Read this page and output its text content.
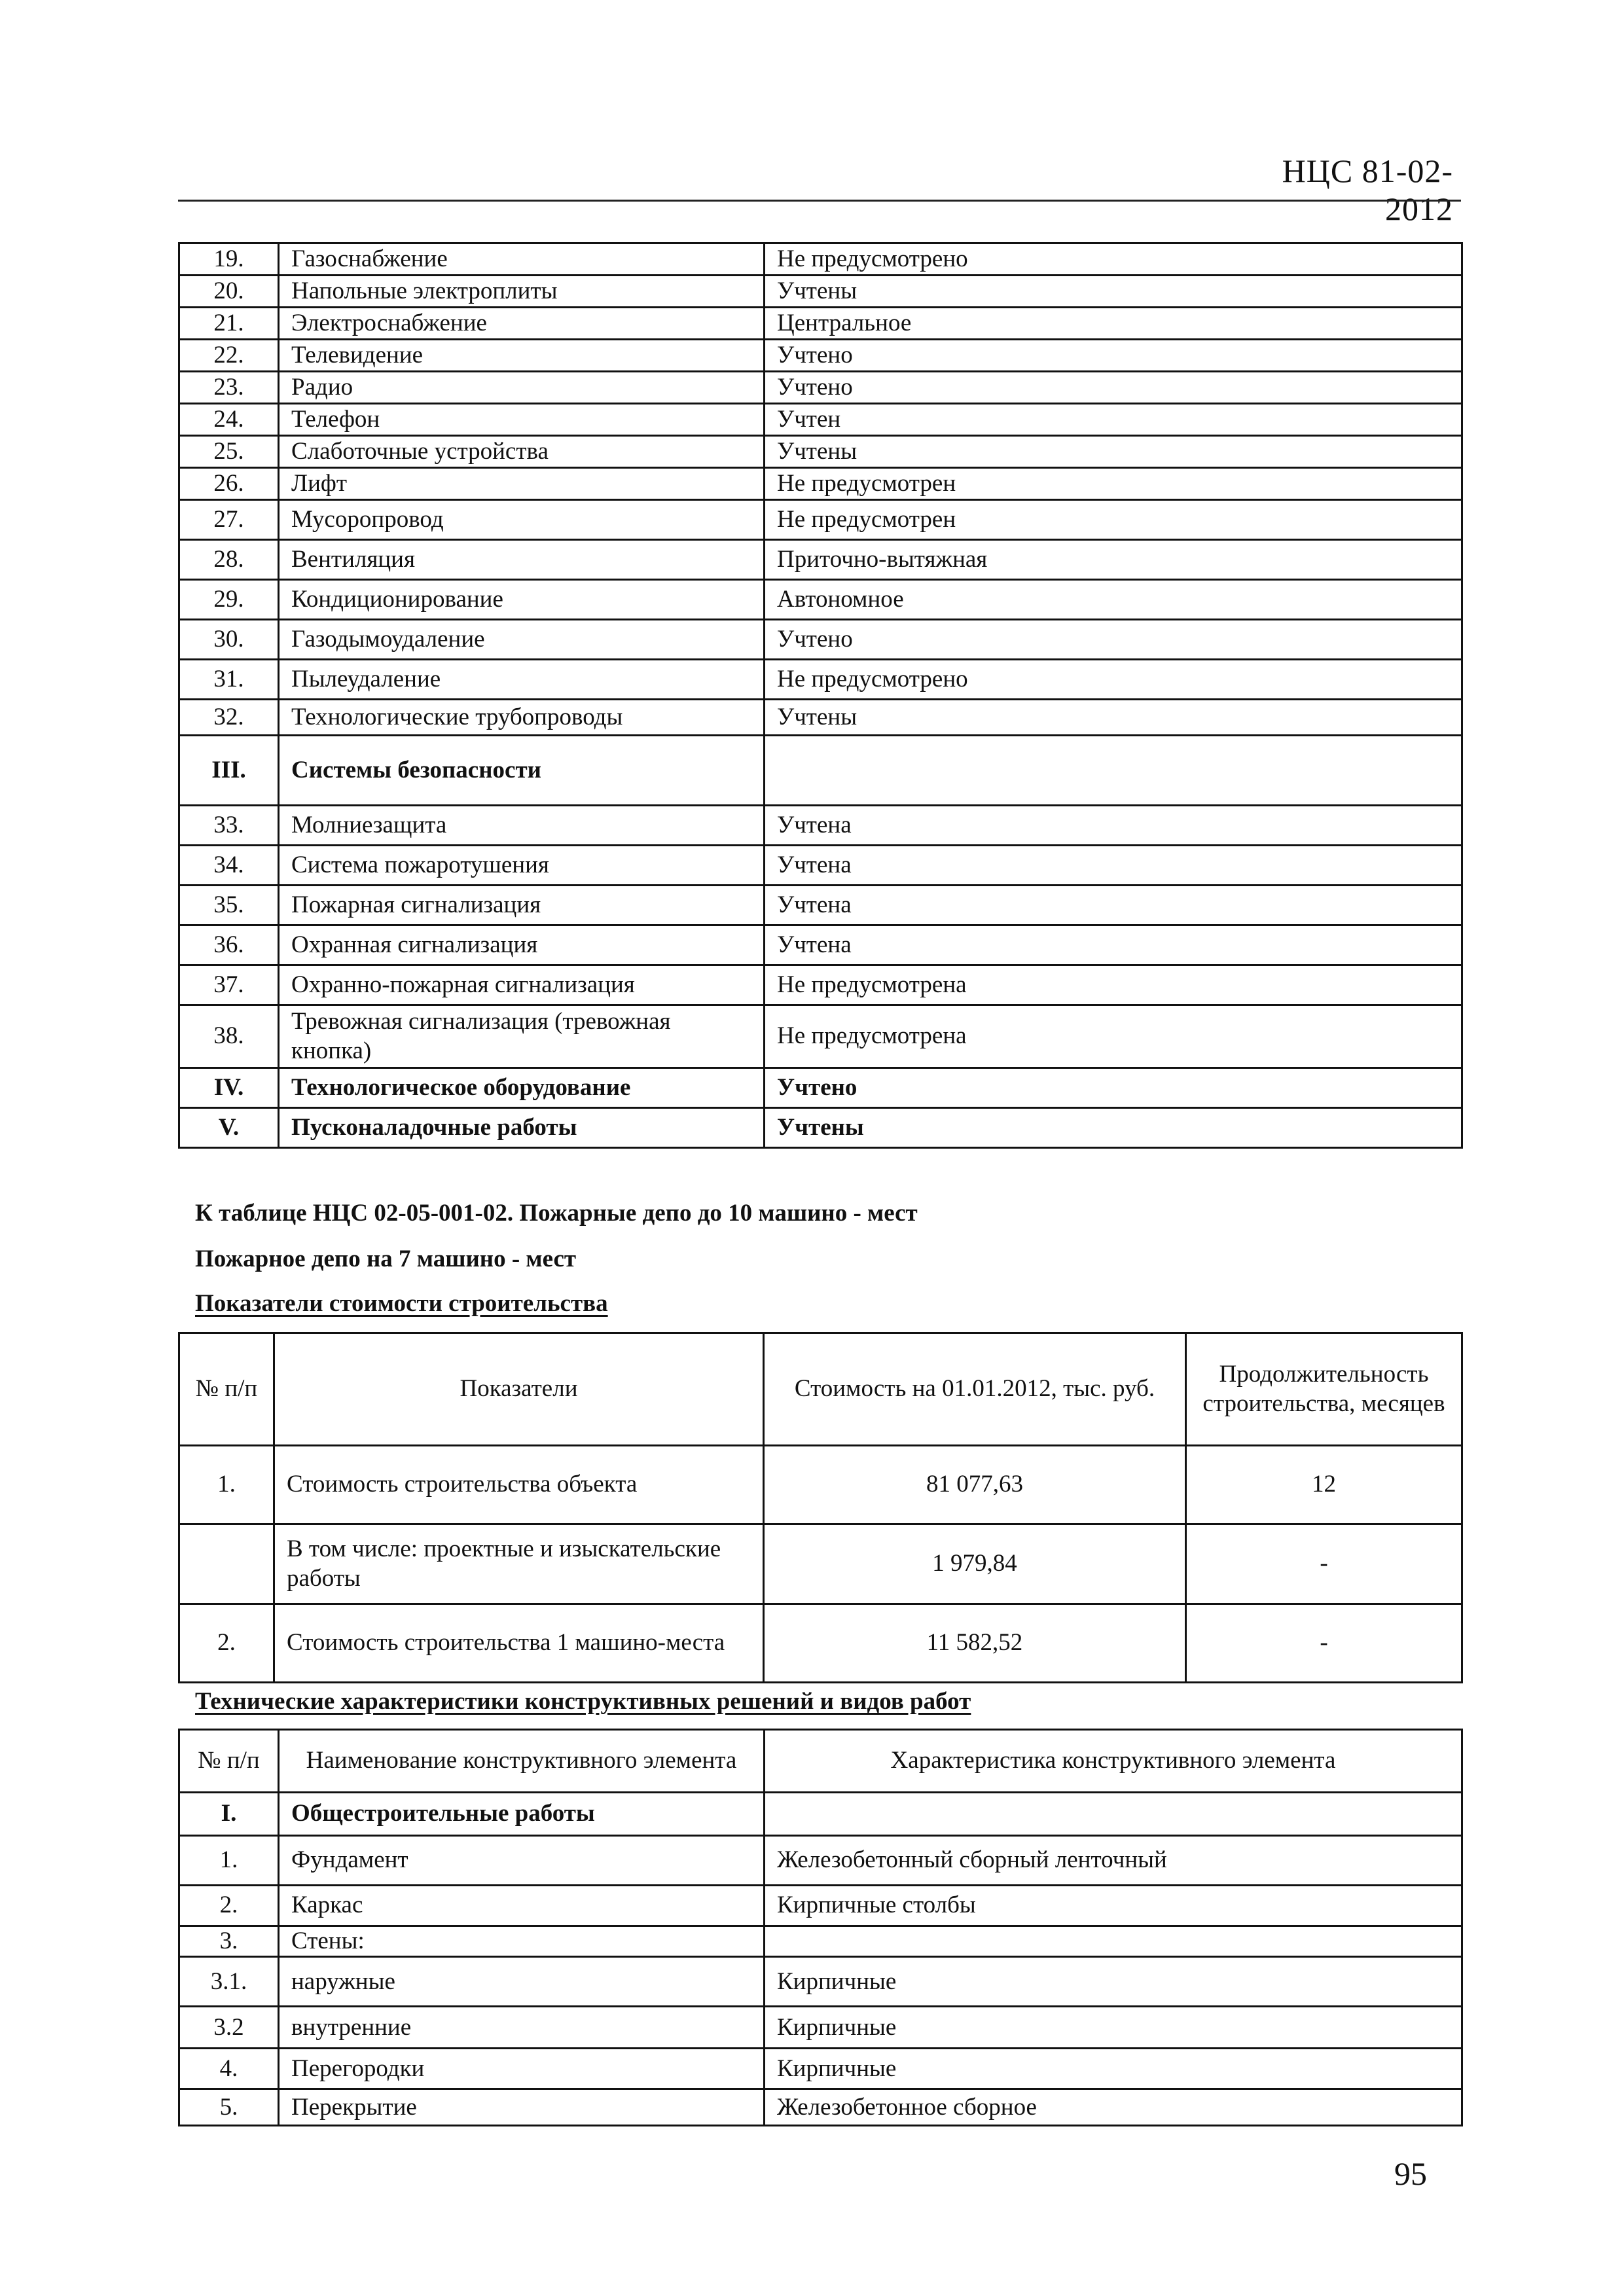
НЦС 81-02-2012
19.	Газоснабжение	Не предусмотрено
20.	Напольные электроплиты	Учтены
21.	Электроснабжение	Центральное
22.	Телевидение	Учтено
23.	Радио	Учтено
24.	Телефон	Учтен
25.	Слаботочные устройства	Учтены
26.	Лифт	Не предусмотрен
27.	Мусоропровод	Не предусмотрен
28.	Вентиляция	Приточно-вытяжная
29.	Кондиционирование	Автономное
30.	Газодымоудаление	Учтено
31.	Пылеудаление	Не предусмотрено
32.	Технологические трубопроводы	Учтены
III.	Системы безопасности	
33.	Молниезащита	Учтена
34.	Система пожаротушения	Учтена
35.	Пожарная сигнализация	Учтена
36.	Охранная сигнализация	Учтена
37.	Охранно-пожарная сигнализация	Не предусмотрена
38.	Тревожная сигнализация (тревожная кнопка)	Не предусмотрена
IV.	Технологическое оборудование	Учтено
V.	Пусконаладочные работы	Учтены
К таблице НЦС 02-05-001-02. Пожарные депо до 10 машино - мест
Пожарное депо на 7 машино - мест
Показатели стоимости строительства
№ п/п	Показатели	Стоимость на 01.01.2012, тыс. руб.	Продолжительность строительства, месяцев
1.	Стоимость строительства объекта	81 077,63	12
	В том числе: проектные и изыскательские работы	1 979,84	-
2.	Стоимость строительства 1 машино-места	11 582,52	-
Технические характеристики конструктивных решений и видов работ
№ п/п	Наименование конструктивного элемента	Характеристика конструктивного элемента
I.	Общестроительные работы	
1.	Фундамент	Железобетонный сборный ленточный
2.	Каркас	Кирпичные столбы
3.	Стены:	
3.1.	наружные	Кирпичные
3.2	внутренние	Кирпичные
4.	Перегородки	Кирпичные
5.	Перекрытие	Железобетонное сборное
95
